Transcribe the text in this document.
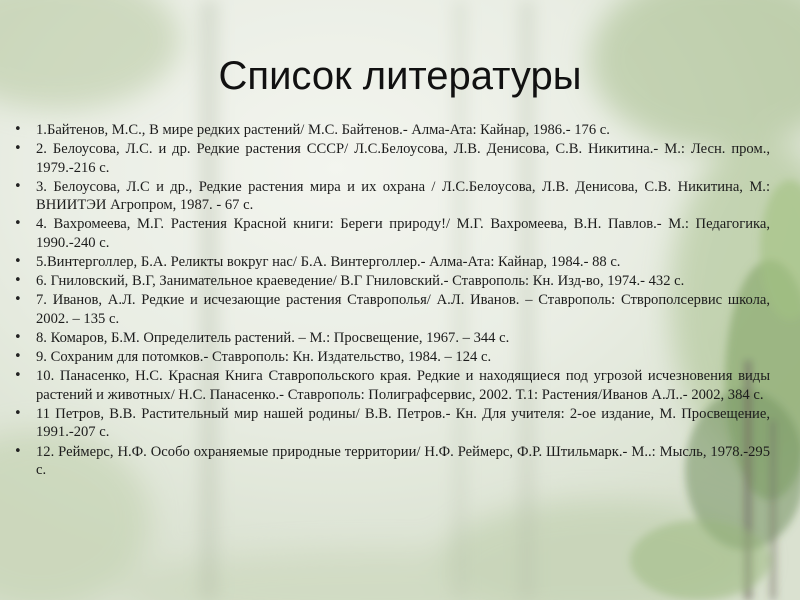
Список литературы
• 1.Байтенов, М.С., В мире редких растений/ М.С. Байтенов.- Алма-Ата: Кайнар, 1986.- 176 с.
• 2. Белоусова, Л.С. и др. Редкие растения СССР/ Л.С.Белоусова, Л.В. Денисова, С.В. Никитина.- М.: Лесн. пром., 1979.-216 с.
• 3. Белоусова, Л.С и др., Редкие растения мира и их охрана / Л.С.Белоусова, Л.В. Денисова, С.В. Никитина, М.: ВНИИТЭИ Агропром, 1987. - 67 с.
• 4. Вахромеева, М.Г. Растения Красной книги: Береги природу!/ М.Г. Вахромеева, В.Н. Павлов.- М.: Педагогика, 1990.-240 с.
• 5.Винтерголлер, Б.А. Реликты вокруг нас/ Б.А. Винтерголлер.- Алма-Ата: Кайнар, 1984.- 88 с.
• 6. Гниловский, В.Г, Занимательное краеведение/ В.Г Гниловский.- Ставрополь: Кн. Изд-во, 1974.- 432 с.
• 7. Иванов, А.Л. Редкие и исчезающие растения Ставрополья/ А.Л. Иванов. – Ставрополь: Стврополсервис школа, 2002. – 135 с.
• 8. Комаров, Б.М. Определитель растений. – М.: Просвещение, 1967. – 344 с.
• 9. Сохраним для потомков.- Ставрополь: Кн. Издательство, 1984. – 124 с.
• 10. Панасенко, Н.С. Красная Книга Ставропольского края. Редкие и находящиеся под угрозой исчезновения виды растений и животных/ Н.С. Панасенко.- Ставрополь: Полиграфсервис, 2002. Т.1: Растения/Иванов А.Л..- 2002, 384 с.
• 11 Петров, В.В. Растительный мир нашей родины/ В.В. Петров.- Кн. Для учителя: 2-ое издание, М. Просвещение, 1991.-207 с.
• 12. Реймерс, Н.Ф. Особо охраняемые природные территории/ Н.Ф. Реймерс, Ф.Р. Штильмарк.- М..: Мысль, 1978.-295 с.
